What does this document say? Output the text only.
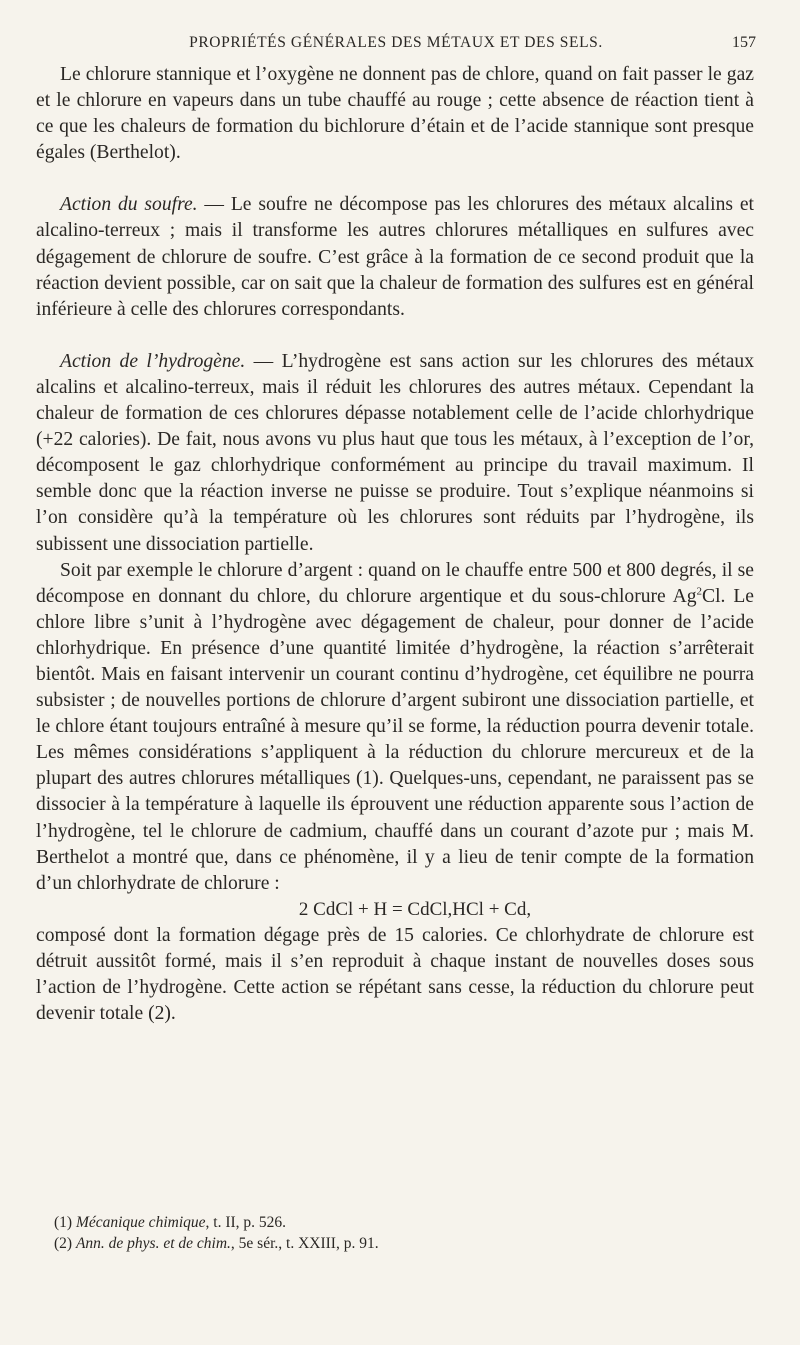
PROPRIÉTÉS GÉNÉRALES DES MÉTAUX ET DES SELS.	157

Le chlorure stannique et l’oxygène ne donnent pas de chlore, quand on fait passer le gaz et le chlorure en vapeurs dans un tube chauffé au rouge ; cette absence de réaction tient à ce que les chaleurs de formation du bichlorure d’étain et de l’acide stannique sont presque égales (Berthelot).

Action du soufre. — Le soufre ne décompose pas les chlorures des métaux alcalins et alcalino-terreux ; mais il transforme les autres chlorures métalliques en sulfures avec dégagement de chlorure de soufre. C’est grâce à la formation de ce second produit que la réaction devient possible, car on sait que la chaleur de formation des sulfures est en général inférieure à celle des chlorures correspondants.

Action de l’hydrogène. — L’hydrogène est sans action sur les chlorures des métaux alcalins et alcalino-terreux, mais il réduit les chlorures des autres métaux. Cependant la chaleur de formation de ces chlorures dépasse notablement celle de l’acide chlorhydrique (+22 calories). De fait, nous avons vu plus haut que tous les métaux, à l’exception de l’or, décomposent le gaz chlorhydrique conformément au principe du travail maximum. Il semble donc que la réaction inverse ne puisse se produire. Tout s’explique néanmoins si l’on considère qu’à la température où les chlorures sont réduits par l’hydrogène, ils subissent une dissociation partielle.

Soit par exemple le chlorure d’argent : quand on le chauffe entre 500 et 800 degrés, il se décompose en donnant du chlore, du chlorure argentique et du sous-chlorure Ag$^2$Cl. Le chlore libre s’unit à l’hydrogène avec dégagement de chaleur, pour donner de l’acide chlorhydrique. En présence d’une quantité limitée d’hydrogène, la réaction s’arrêterait bientôt. Mais en faisant intervenir un courant continu d’hydrogène, cet équilibre ne pourra subsister ; de nouvelles portions de chlorure d’argent subiront une dissociation partielle, et le chlore étant toujours entraîné à mesure qu’il se forme, la réduction pourra devenir totale. Les mêmes considérations s’appliquent à la réduction du chlorure mercureux et de la plupart des autres chlorures métalliques (1). Quelques-uns, cependant, ne paraissent pas se dissocier à la température à laquelle ils éprouvent une réduction apparente sous l’action de l’hydrogène, tel le chlorure de cadmium, chauffé dans un courant d’azote pur ; mais M. Berthelot a montré que, dans ce phénomène, il y a lieu de tenir compte de la formation d’un chlorhydrate de chlorure :

2 CdCl + H = CdCl,HCl + Cd,

composé dont la formation dégage près de 15 calories. Ce chlorhydrate de chlorure est détruit aussitôt formé, mais il s’en reproduit à chaque instant de nouvelles doses sous l’action de l’hydrogène. Cette action se répétant sans cesse, la réduction du chlorure peut devenir totale (2).

(1) Mécanique chimique, t. II, p. 526.

(2) Ann. de phys. et de chim., 5e sér., t. XXIII, p. 91.
